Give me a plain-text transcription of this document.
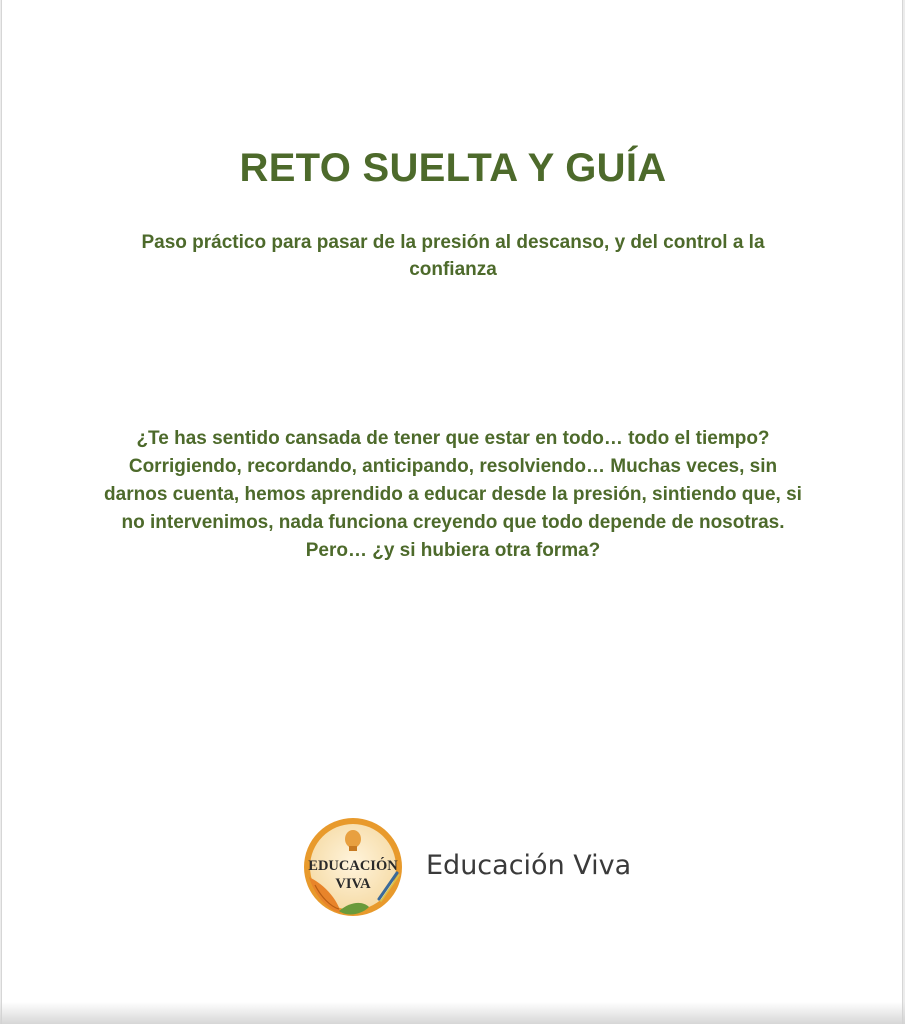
RETO SUELTA Y GUÍA
Paso práctico para pasar de la presión al descanso, y del control a la confianza
¿Te has sentido cansada de tener que estar en todo… todo el tiempo? Corrigiendo, recordando, anticipando, resolviendo… Muchas veces, sin darnos cuenta, hemos aprendido a educar desde la presión, sintiendo que, si no intervenimos, nada funciona creyendo que todo depende de nosotras. Pero… ¿y si hubiera otra forma?
EDUCACIÓN
VIVA
Educación Viva
